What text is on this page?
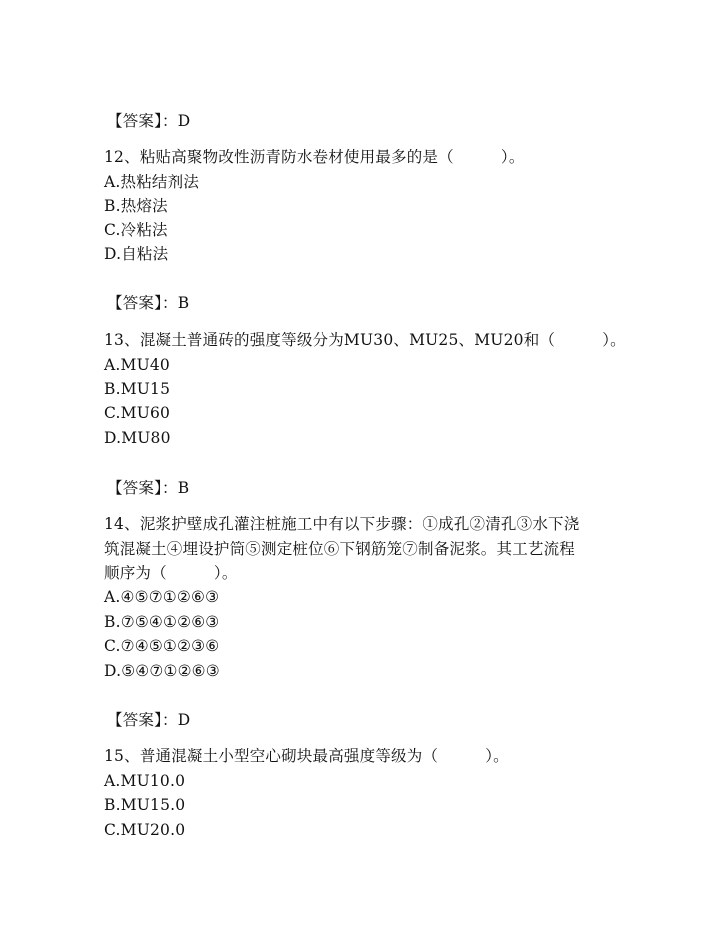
【答案】：D
12、粘贴高聚物改性沥青防水卷材使用最多的是（　　　）。
A.热粘结剂法
B.热熔法
C.冷粘法
D.自粘法
【答案】：B
13、混凝土普通砖的强度等级分为MU30、MU25、MU20和（　　　）。
A.MU40
B.MU15
C.MU60
D.MU80
【答案】：B
14、泥浆护壁成孔灌注桩施工中有以下步骤：①成孔②清孔③水下浇
筑混凝土④埋设护筒⑤测定桩位⑥下钢筋笼⑦制备泥浆。其工艺流程
顺序为（　　　）。
A.④⑤⑦①②⑥③
B.⑦⑤④①②⑥③
C.⑦④⑤①②③⑥
D.⑤④⑦①②⑥③
【答案】：D
15、普通混凝土小型空心砌块最高强度等级为（　　　）。
A.MU10.0
B.MU15.0
C.MU20.0
